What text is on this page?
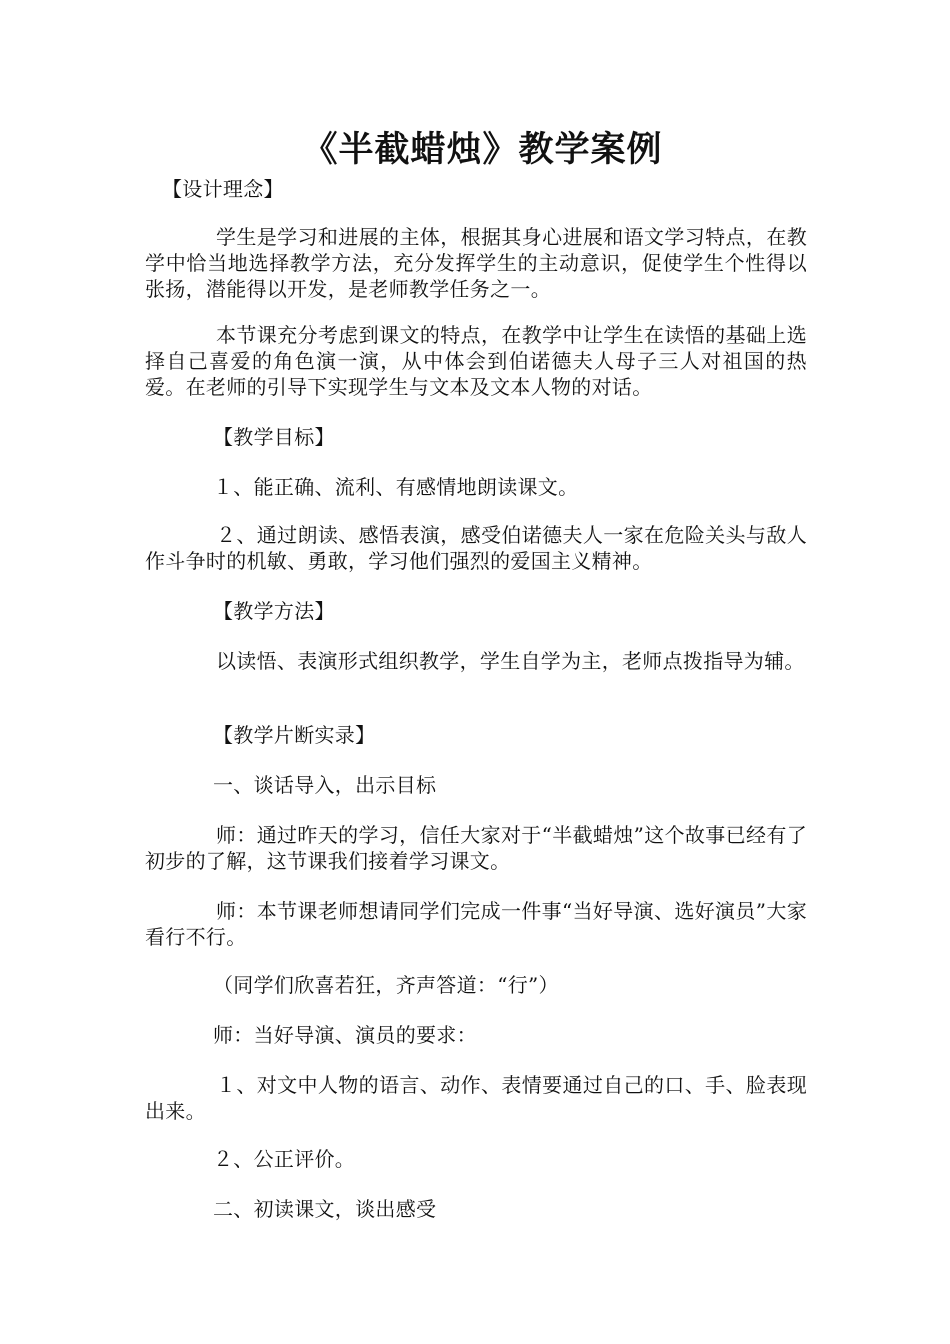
《半截蜡烛》教学案例

【设计理念】

学生是学习和进展的主体，根据其身心进展和语文学习特点，在教学中恰当地选择教学方法，充分发挥学生的主动意识，促使学生个性得以张扬，潜能得以开发，是老师教学任务之一。

本节课充分考虑到课文的特点，在教学中让学生在读悟的基础上选择自己喜爱的角色演一演，从中体会到伯诺德夫人母子三人对祖国的热爱。在老师的引导下实现学生与文本及文本人物的对话。

【教学目标】

１、能正确、流利、有感情地朗读课文。

２、通过朗读、感悟表演，感受伯诺德夫人一家在危险关头与敌人作斗争时的机敏、勇敢，学习他们强烈的爱国主义精神。

【教学方法】

以读悟、表演形式组织教学，学生自学为主，老师点拨指导为辅。

【教学片断实录】

一、谈话导入，出示目标

师：通过昨天的学习，信任大家对于“半截蜡烛”这个故事已经有了初步的了解，这节课我们接着学习课文。

师：本节课老师想请同学们完成一件事“当好导演、选好演员”大家看行不行。

（同学们欣喜若狂，齐声答道：“行”）

师：当好导演、演员的要求：

１、对文中人物的语言、动作、表情要通过自己的口、手、脸表现出来。

２、公正评价。

二、初读课文，谈出感受
